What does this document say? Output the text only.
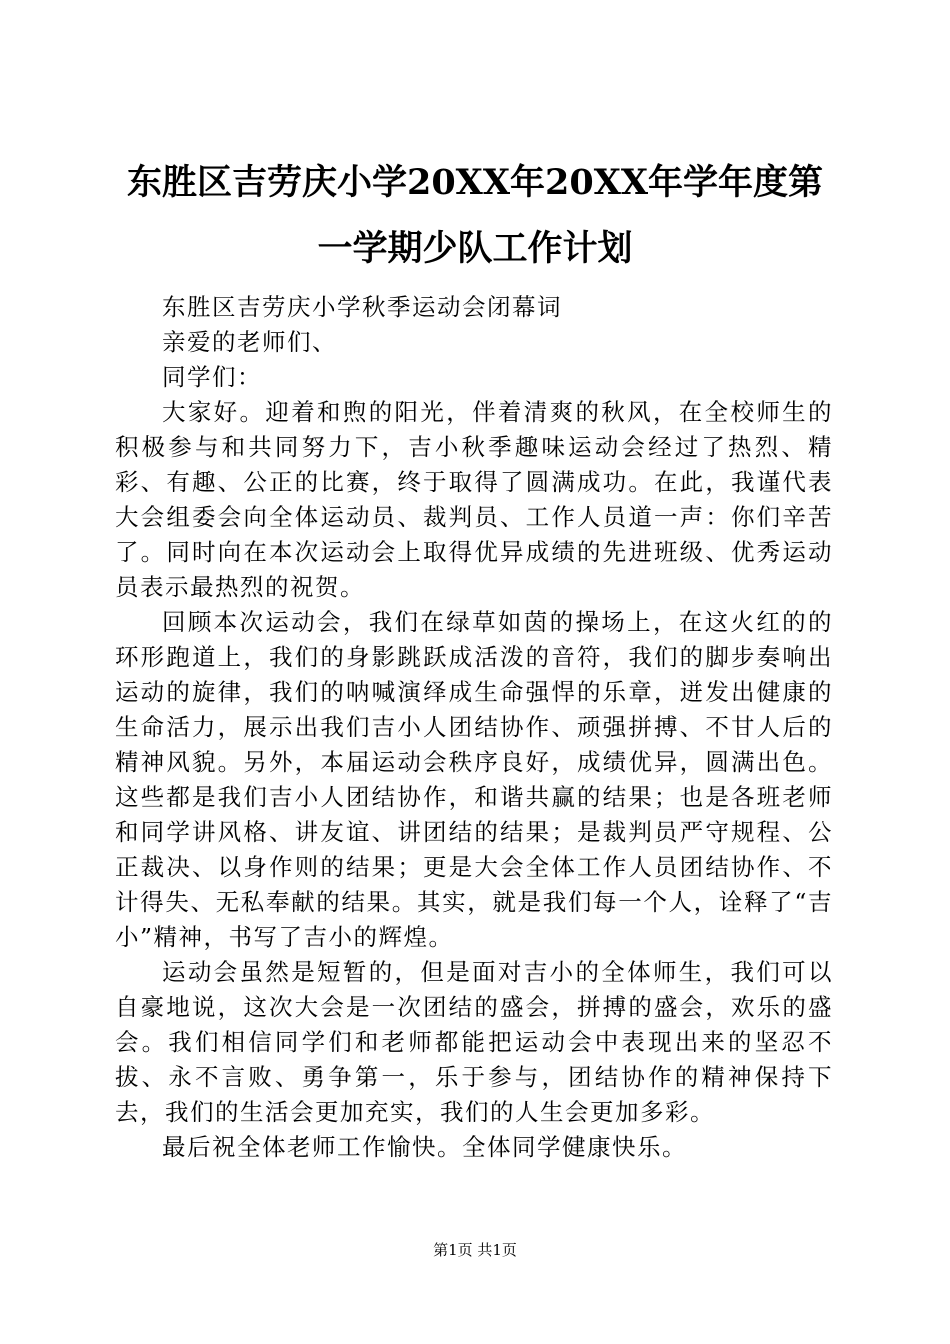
东胜区吉劳庆小学20XX年20XX年学年度第一学期少队工作计划

东胜区吉劳庆小学秋季运动会闭幕词

亲爱的老师们、

同学们：

大家好。迎着和煦的阳光，伴着清爽的秋风，在全校师生的积极参与和共同努力下，吉小秋季趣味运动会经过了热烈、精彩、有趣、公正的比赛，终于取得了圆满成功。在此，我谨代表大会组委会向全体运动员、裁判员、工作人员道一声：你们辛苦了。同时向在本次运动会上取得优异成绩的先进班级、优秀运动员表示最热烈的祝贺。

回顾本次运动会，我们在绿草如茵的操场上，在这火红的的环形跑道上，我们的身影跳跃成活泼的音符，我们的脚步奏响出运动的旋律，我们的呐喊演绎成生命强悍的乐章，迸发出健康的生命活力，展示出我们吉小人团结协作、顽强拼搏、不甘人后的精神风貌。另外，本届运动会秩序良好，成绩优异，圆满出色。这些都是我们吉小人团结协作，和谐共赢的结果；也是各班老师和同学讲风格、讲友谊、讲团结的结果；是裁判员严守规程、公正裁决、以身作则的结果；更是大会全体工作人员团结协作、不计得失、无私奉献的结果。其实，就是我们每一个人，诠释了“吉小”精神，书写了吉小的辉煌。

运动会虽然是短暂的，但是面对吉小的全体师生，我们可以自豪地说，这次大会是一次团结的盛会，拼搏的盛会，欢乐的盛会。我们相信同学们和老师都能把运动会中表现出来的坚忍不拔、永不言败、勇争第一，乐于参与，团结协作的精神保持下去，我们的生活会更加充实，我们的人生会更加多彩。

最后祝全体老师工作愉快。全体同学健康快乐。

第1页 共1页
